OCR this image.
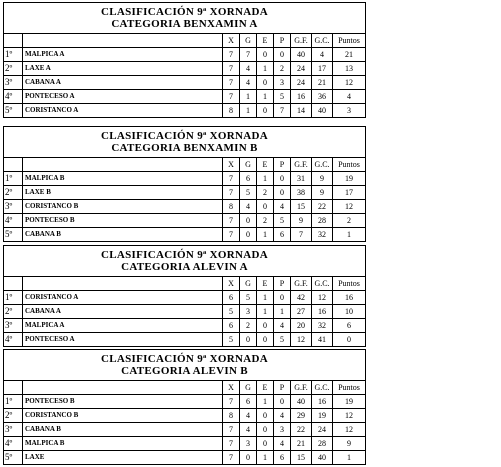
CLASIFICACIÓN 9ª XORNADA
CATEGORIA BENXAMIN A								

		X	G	E	P	G.F.	G.C.	Puntos
1º	MALPICA A	7	7	0	0	40	4	21
2º	LAXE A	7	4	1	2	24	17	13
3º	CABANA A	7	4	0	3	24	21	12
4º	PONTECESO A	7	1	1	5	16	36	4
5º	CORISTANCO A	8	1	0	7	14	40	3
CLASIFICACIÓN 9ª XORNADA
CATEGORIA BENXAMIN B								

		X	G	E	P	G.F.	G.C.	Puntos
1º	MALPICA B	7	6	1	0	31	9	19
2º	LAXE B	7	5	2	0	38	9	17
3º	CORISTANCO B	8	4	0	4	15	22	12
4º	PONTECESO B	7	0	2	5	9	28	2
5º	CABANA B	7	0	1	6	7	32	1
CLASIFICACIÓN 9ª XORNADA
CATEGORIA ALEVIN A								

		X	G	E	P	G.F.	G.C.	Puntos
1º	CORISTANCO A	6	5	1	0	42	12	16
2º	CABANA A	5	3	1	1	27	16	10
3º	MALPICA A	6	2	0	4	20	32	6
4º	PONTECESO A	5	0	0	5	12	41	0
CLASIFICACIÓN 9ª XORNADA
CATEGORIA ALEVIN B								

		X	G	E	P	G.F.	G.C.	Puntos
1º	PONTECESO B	7	6	1	0	40	16	19
2º	CORISTANCO B	8	4	0	4	29	19	12
3º	CABANA B	7	4	0	3	22	24	12
4º	MALPICA B	7	3	0	4	21	28	9
5º	LAXE	7	0	1	6	15	40	1
